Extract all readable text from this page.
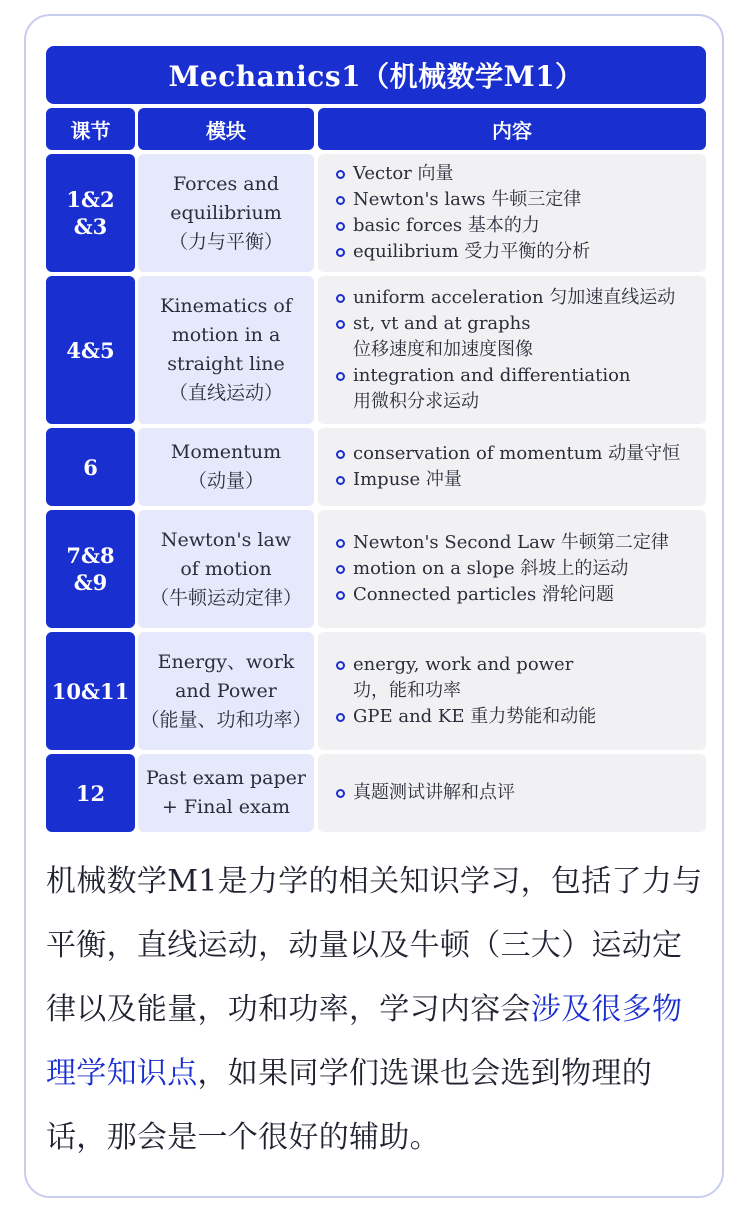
Mechanics1（机械数学M1）
课节	模块	内容
1&2
&3
Forces and
equilibrium
（力与平衡）
Vector 向量
Newton's laws 牛顿三定律
basic forces 基本的力
equilibrium 受力平衡的分析
4&5
Kinematics of
motion in a
straight line
（直线运动）
uniform acceleration 匀加速直线运动
st, vt and at graphs
位移速度和加速度图像
integration and differentiation
用微积分求运动
6
Momentum
（动量）
conservation of momentum 动量守恒
Impuse 冲量
7&8
&9
Newton's law
of motion
（牛顿运动定律）
Newton's Second Law 牛顿第二定律
motion on a slope 斜坡上的运动
Connected particles 滑轮问题
10&11
Energy、work
and Power
（能量、功和功率）
energy, work and power
功，能和功率
GPE and KE 重力势能和动能
12
Past exam paper
+ Final exam
真题测试讲解和点评
机械数学M1是力学的相关知识学习，包括了力与平衡，直线运动，动量以及牛顿（三大）运动定律以及能量，功和功率，学习内容会涉及很多物理学知识点，如果同学们选课也会选到物理的话，那会是一个很好的辅助。
